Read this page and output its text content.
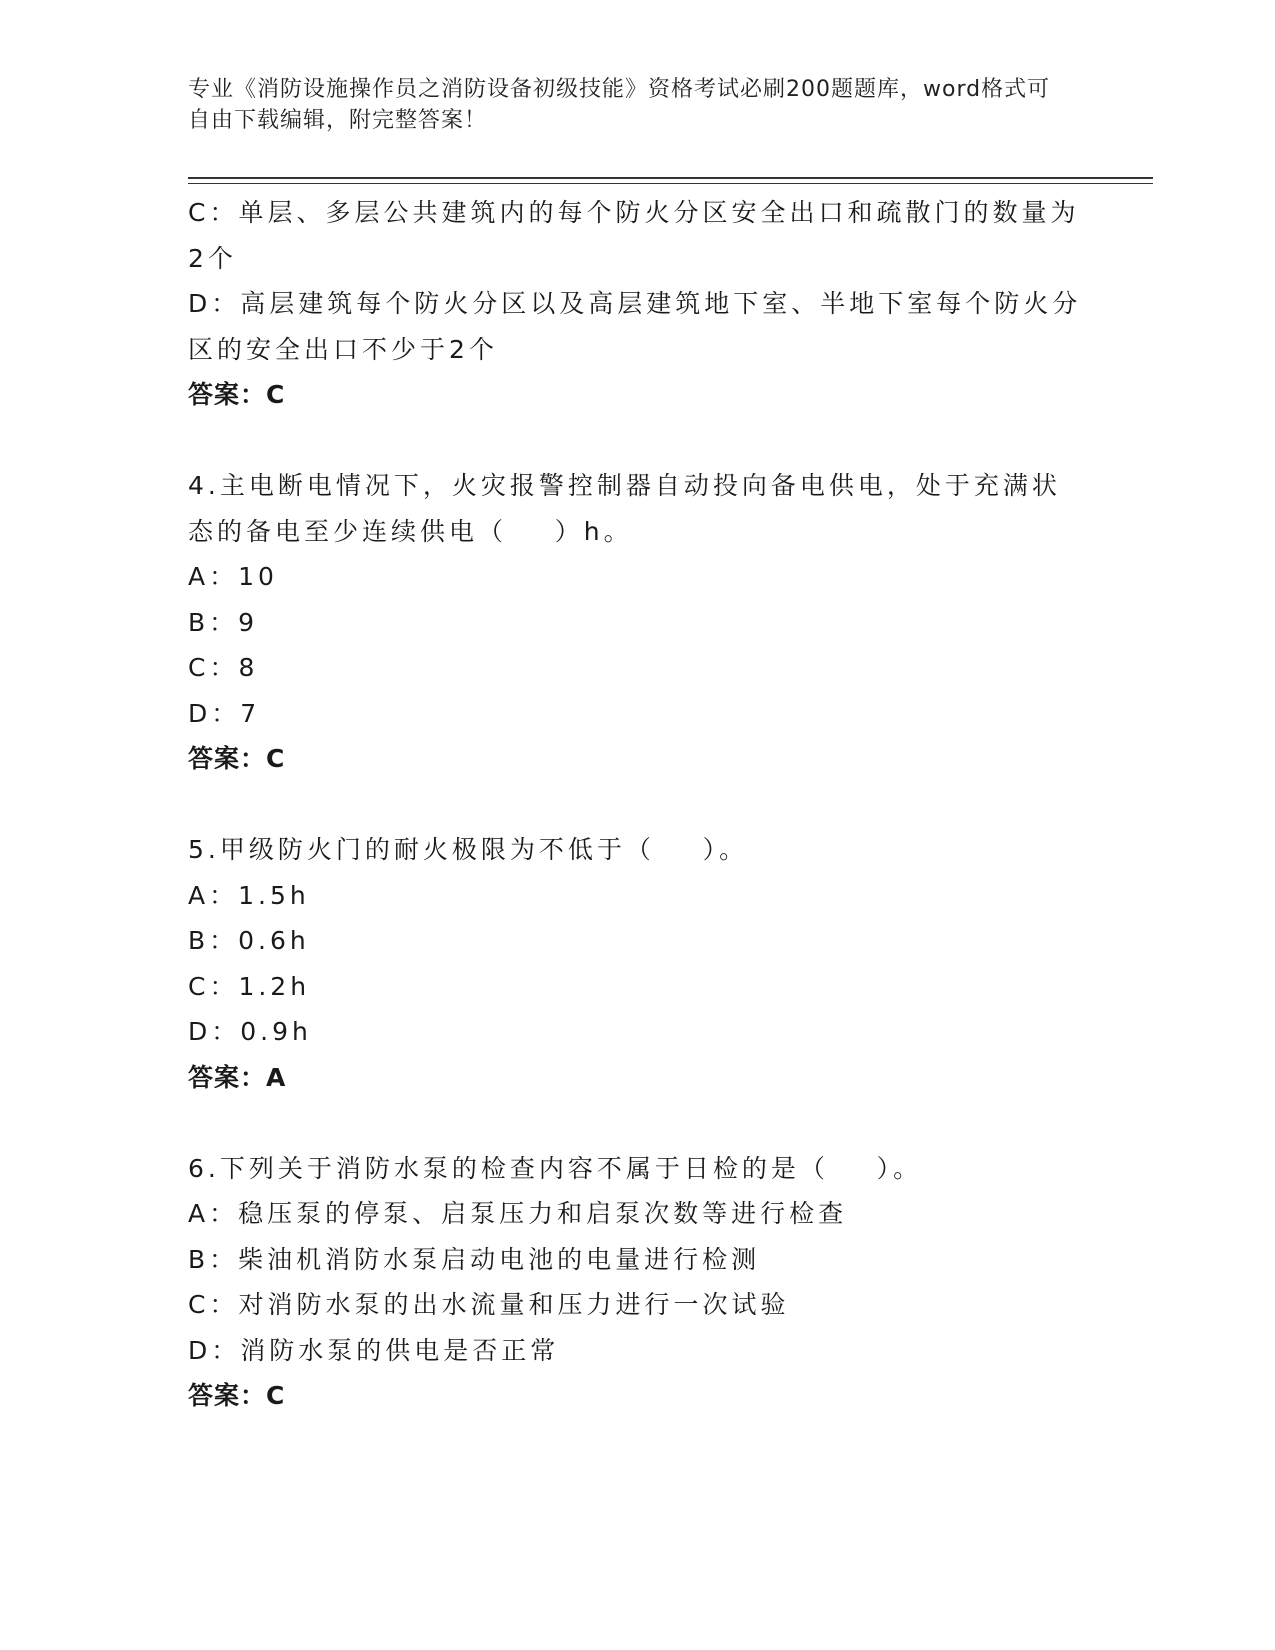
专业《消防设施操作员之消防设备初级技能》资格考试必刷200题题库，word格式可自由下载编辑，附完整答案！
C：单层、多层公共建筑内的每个防火分区安全出口和疏散门的数量为2个
D：高层建筑每个防火分区以及高层建筑地下室、半地下室每个防火分区的安全出口不少于2个
答案：C
4.主电断电情况下，火灾报警控制器自动投向备电供电，处于充满状态的备电至少连续供电（    ）h。
A：10
B：9
C：8
D：7
答案：C
5.甲级防火门的耐火极限为不低于（    ）。
A：1.5h
B：0.6h
C：1.2h
D：0.9h
答案：A
6.下列关于消防水泵的检查内容不属于日检的是（    ）。
A：稳压泵的停泵、启泵压力和启泵次数等进行检查
B：柴油机消防水泵启动电池的电量进行检测
C：对消防水泵的出水流量和压力进行一次试验
D：消防水泵的供电是否正常
答案：C
